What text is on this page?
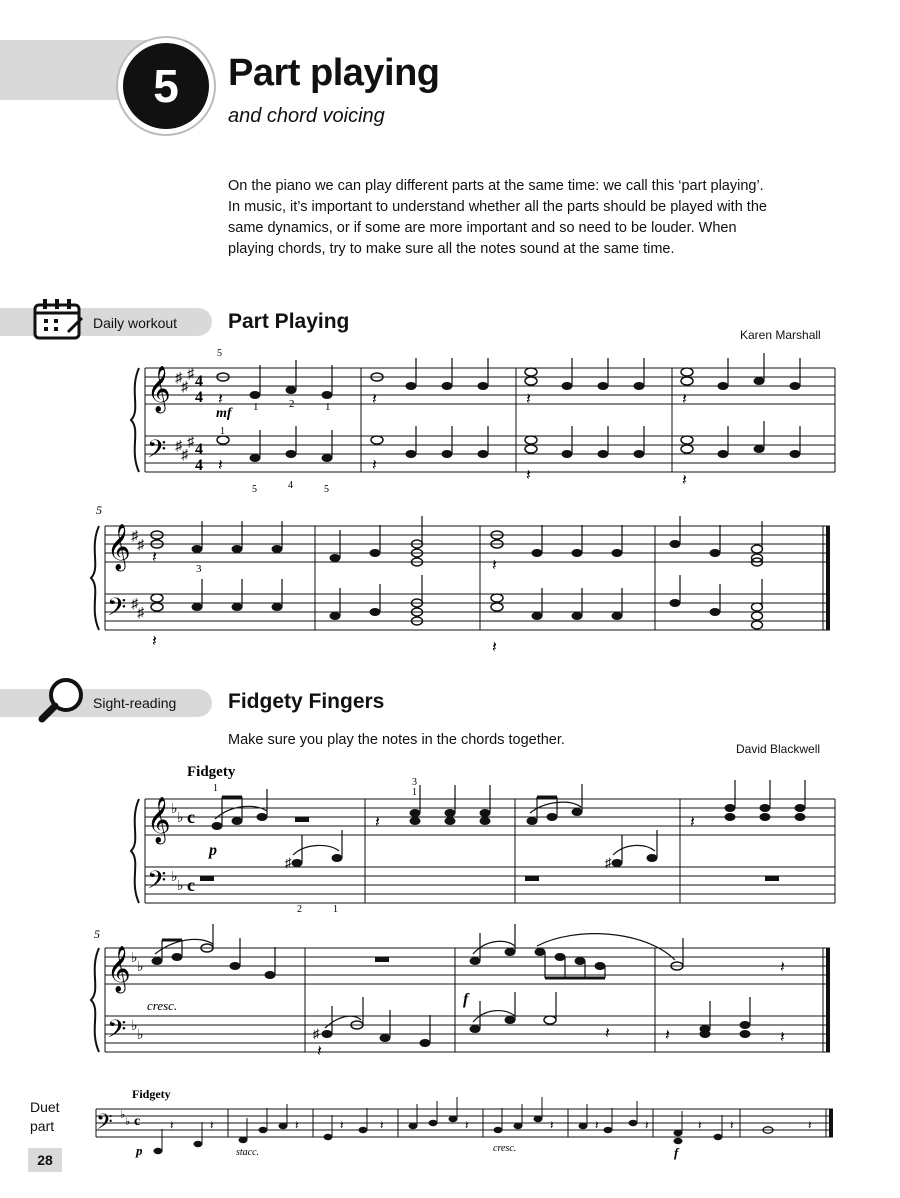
5	Part playing
and chord voicing
On the piano we can play different parts at the same time: we call this ‘part playing’. In music, it’s important to understand whether all the parts should be played with the same dynamics, or if some are more important and so need to be louder. When playing chords, try to make sure all the notes sound at the same time.
Daily workout Part Playing
Karen Marshall
𝄞
𝄢
♯
♯
♯
♯
♯
♯
4
4
4
4
𝄽
𝄽
𝄽
𝄽
𝄽
𝄽
𝄽
𝄽
5
mf
1
1	2	1
5	4	5
𝄞
𝄢
♯
♯
♯
♯
5
𝄽
𝄽
𝄽
𝄽
3
Sight-reading Fidgety Fingers
Make sure you play the notes in the chords together.
David Blackwell
Fidgety
𝄞
𝄢
♭
♭
♭
♭
c
c
♯	♯
𝄽	𝄽
1
3
1
p
2	1
5
𝄞
𝄢
♭
♭
♭
♭	♯
cresc.	f
𝄽
𝄽	𝄽
𝄽
𝄽
Duet
part
Fidgety
𝄢 ♭
♭ c 𝄽	𝄽	𝄽	𝄽	𝄽	𝄽	𝄽	𝄽	𝄽	𝄽 𝄽	𝄽
p	stacc.	cresc.	f
28
